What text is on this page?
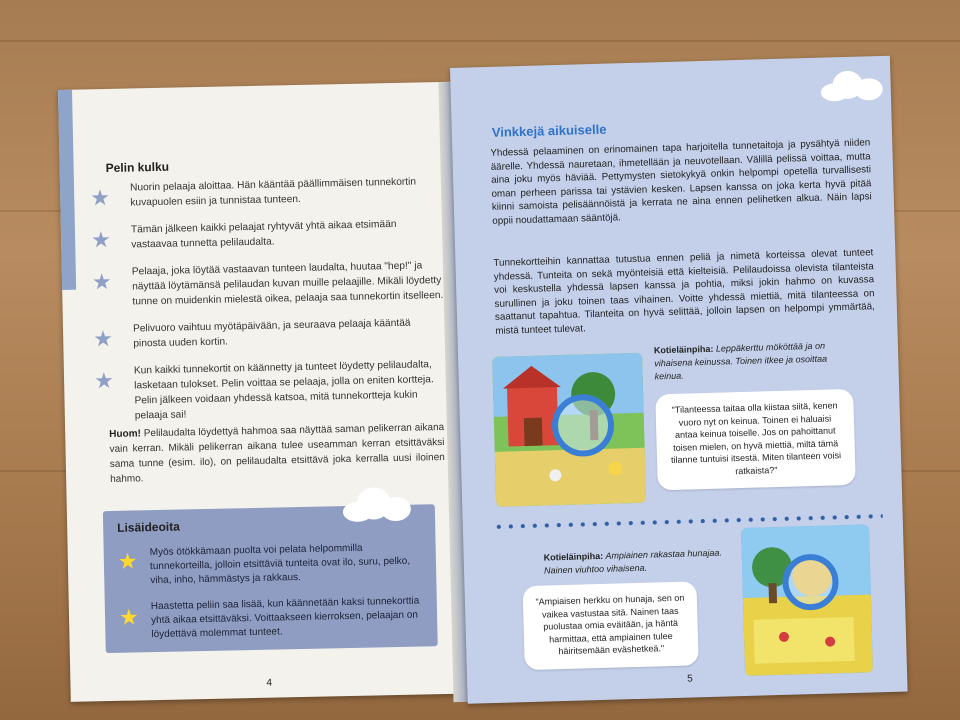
Pelin kulku
★ Nuorin pelaaja aloittaa. Hän kääntää päällimmäisen tunnekortin kuvapuolen esiin ja tunnistaa tunteen.
★ Tämän jälkeen kaikki pelaajat ryhtyvät yhtä aikaa etsimään vastaavaa tunnetta pelilaudalta.
★ Pelaaja, joka löytää vastaavan tunteen laudalta, huutaa "hep!" ja näyttää löytämänsä pelilaudan kuvan muille pelaajille. Mikäli löydetty tunne on muidenkin mielestä oikea, pelaaja saa tunnekortin itselleen.
★ Pelivuoro vaihtuu myötäpäivään, ja seuraava pelaaja kääntää pinosta uuden kortin.
★
Kun kaikki tunnekortit on käännetty ja tunteet löydetty pelilaudalta, lasketaan tulokset. Pelin voittaa se pelaaja, jolla on eniten kortteja. Pelin jälkeen voidaan yhdessä katsoa, mitä tunnekortteja kukin pelaaja sai!
Huom! Pelilaudalta löydettyä hahmoa saa näyttää saman pelikerran aikana vain kerran. Mikäli pelikerran aikana tulee useamman kerran etsittäväksi sama tunne (esim. ilo), on pelilaudalta etsittävä joka kerralla uusi iloinen hahmo.
Lisäideoita
★ Myös ötökkämaan puolta voi pelata helpommilla tunnekorteilla, jolloin etsittäviä tunteita ovat ilo, suru, pelko, viha, inho, hämmästys ja rakkaus.
★
Haastetta peliin saa lisää, kun käännetään kaksi tunnekorttia yhtä aikaa etsittäväksi. Voittaakseen kierroksen, pelaajan on löydettävä molemmat tunteet.
4
Vinkkejä aikuiselle
Yhdessä pelaaminen on erinomainen tapa harjoitella tunnetaitoja ja pysähtyä niiden äärelle. Yhdessä nauretaan, ihmetellään ja neuvotellaan. Välillä pelissä voittaa, mutta aina joku myös häviää. Pettymysten sietokykyä onkin helpompi opetella turvallisesti oman perheen parissa tai ystävien kesken. Lapsen kanssa on joka kerta hyvä pitää kiinni samoista pelisäännöistä ja kerrata ne aina ennen pelihetken alkua. Näin lapsi oppii noudattamaan sääntöjä.
Tunnekortteihin kannattaa tutustua ennen peliä ja nimetä korteissa olevat tunteet yhdessä. Tunteita on sekä myönteisiä että kielteisiä. Pelilaudoissa olevista tilanteista voi keskustella yhdessä lapsen kanssa ja pohtia, miksi jokin hahmo on kuvassa surullinen ja joku toinen taas vihainen. Voitte yhdessä miettiä, mitä tilanteessa on saattanut tapahtua. Tilanteita on hyvä selittää, jolloin lapsen on helpompi ymmärtää, mistä tunteet tulevat.
Kotieläinpiha: Leppäkerttu mököttää ja on vihaisena keinussa. Toinen itkee ja osoittaa keinua.
"Tilanteessa taitaa olla kiistaa siitä, kenen vuoro nyt on keinua. Toinen ei haluaisi antaa keinua toiselle. Jos on pahoittanut toisen mielen, on hyvä miettiä, miltä tämä tilanne tuntuisi itsestä. Miten tilanteen voisi ratkaista?"
Kotieläinpiha: Ampiainen rakastaa hunajaa. Nainen viuhtoo vihaisena.
"Ampiaisen herkku on hunaja, sen on vaikea vastustaa sitä. Nainen taas puolustaa omia eväitään, ja häntä harmittaa, että ampiainen tulee häiritsemään eväshetkeä."
5
